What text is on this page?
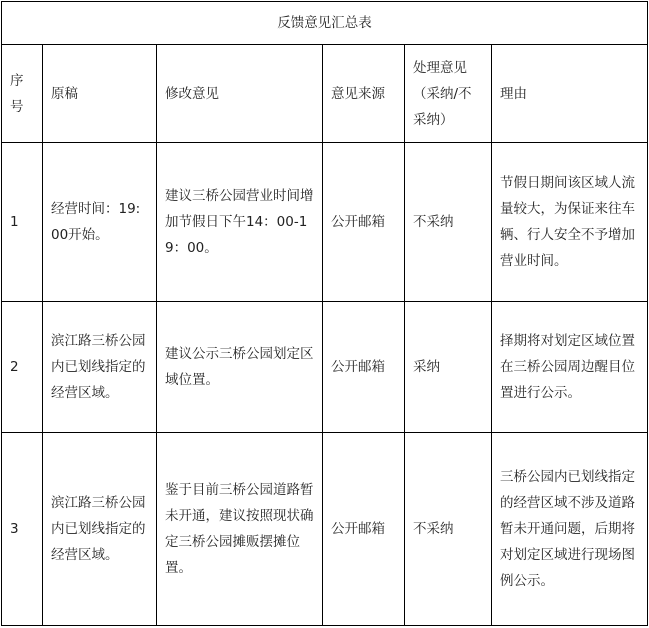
反馈意见汇总表					
序号	原稿	修改意见	意见来源	处理意见（采纳/不采纳）	理由
1	经营时间：19:00开始。	建议三桥公园营业时间增加节假日下午14：00-19：00。	公开邮箱	不采纳	节假日期间该区域人流量较大，为保证来往车辆、行人安全不予增加营业时间。
2	滨江路三桥公园内已划线指定的经营区域。	建议公示三桥公园划定区域位置。	公开邮箱	采纳	择期将对划定区域位置在三桥公园周边醒目位置进行公示。
3	滨江路三桥公园内已划线指定的经营区域。	鉴于目前三桥公园道路暂未开通，建议按照现状确定三桥公园摊贩摆摊位置。	公开邮箱	不采纳	三桥公园内已划线指定的经营区域不涉及道路暂未开通问题，后期将对划定区域进行现场图例公示。
